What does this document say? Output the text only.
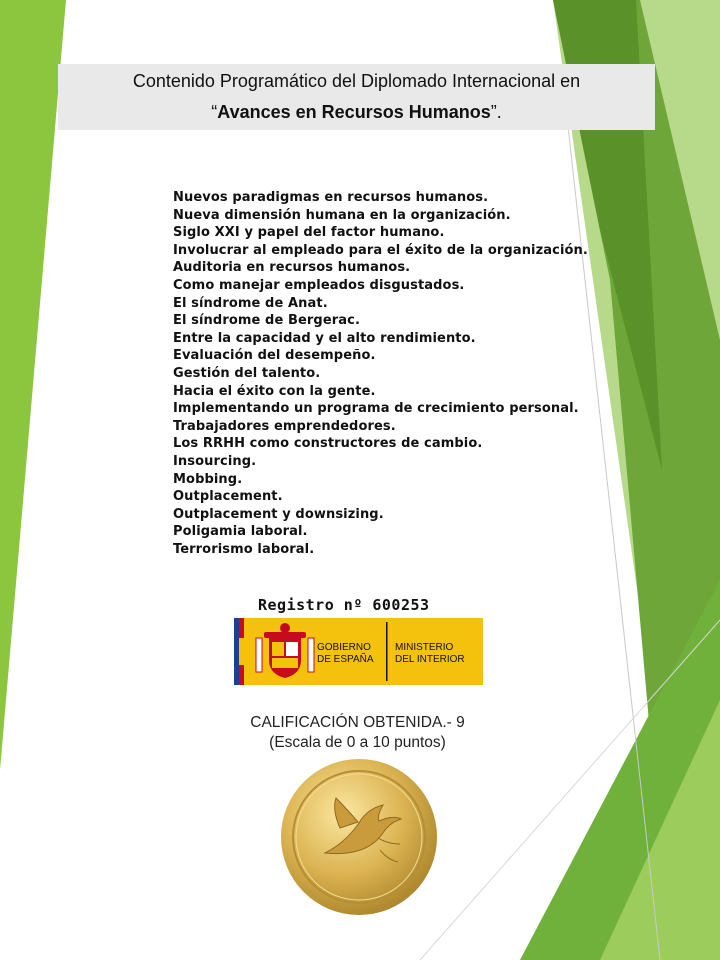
Contenido Programático del Diplomado Internacional en
“Avances en Recursos Humanos”.
Nuevos paradigmas en recursos humanos.
Nueva dimensión humana en la organización.
Siglo XXI y papel del factor humano.
Involucrar al empleado para el éxito de la organización.
Auditoria en recursos humanos.
Como manejar empleados disgustados.
El síndrome de Anat.
El síndrome de Bergerac.
Entre la capacidad y el alto rendimiento.
Evaluación del desempeño.
Gestión del talento.
Hacia el éxito con la gente.
Implementando un programa de crecimiento personal.
Trabajadores emprendedores.
Los RRHH como constructores de cambio.
Insourcing.
Mobbing.
Outplacement.
Outplacement y downsizing.
Poligamia laboral.
Terrorismo laboral.
Registro nº 600253
GOBIERNO
DE ESPAÑA
MINISTERIO
DEL INTERIOR
CALIFICACIÓN OBTENIDA.- 9
(Escala de 0 a 10 puntos)
